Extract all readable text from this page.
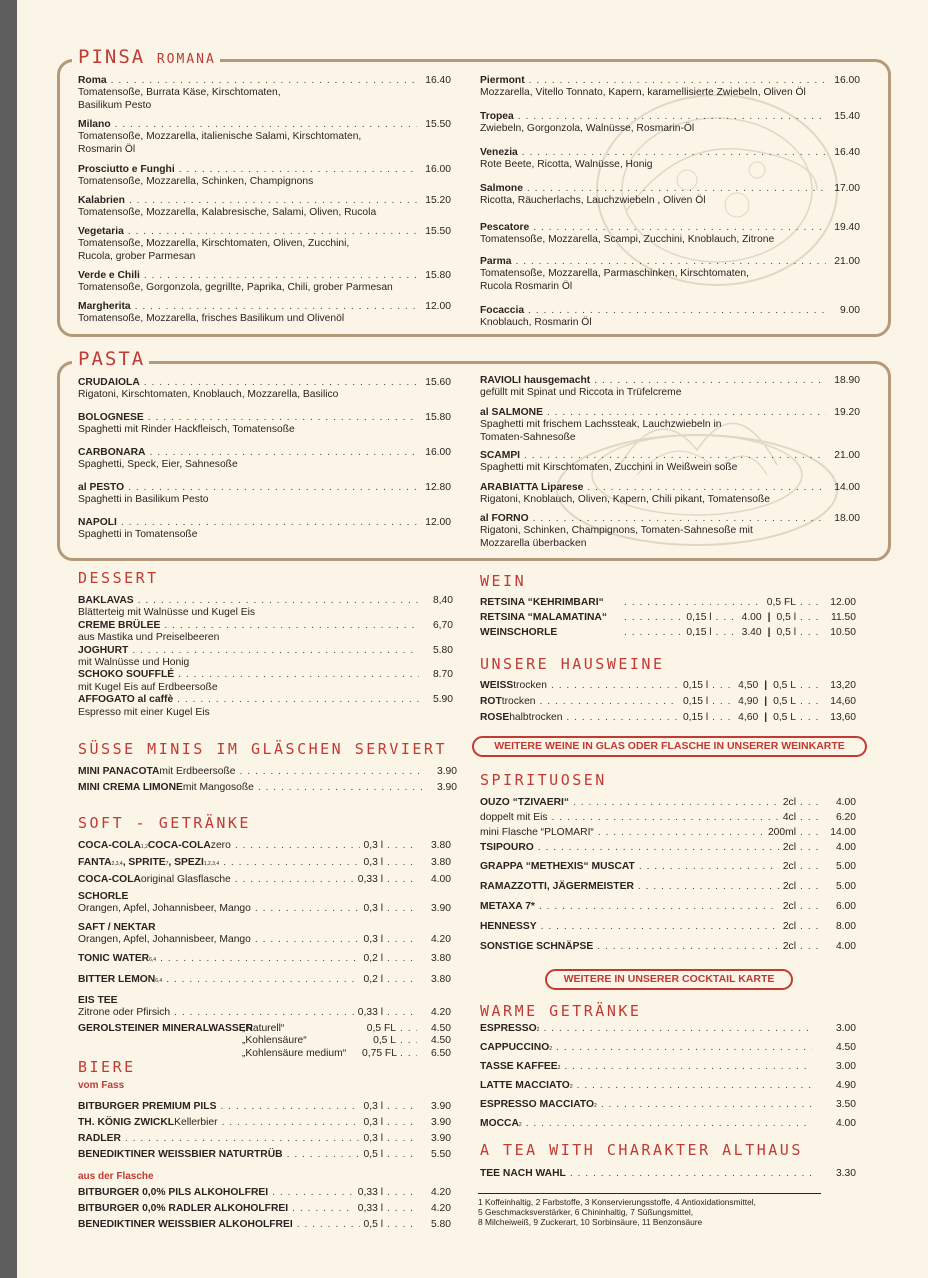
PINSA ROMANA
Roma . . .	16.40
Tomatensoße, Burrata Käse, Kirschtomaten, Basilikum Pesto
Milano . . .	15.50
Tomatensoße, Mozzarella, italienische Salami, Kirschtomaten, Rosmarin Öl
Prosciutto e Funghi . . .	16.00
Tomatensoße, Mozzarella, Schinken, Champignons
Kalabrien . . .	15.20
Tomatensoße, Mozzarella, Kalabresische, Salami, Oliven, Rucola
Vegetaria . . .	15.50
Tomatensoße, Mozzarella, Kirschtomaten, Oliven, Zucchini, Rucola, grober Parmesan
Verde e Chili . . .	15.80
Tomatensoße, Gorgonzola, gegrillte, Paprika, Chili, grober Parmesan
Margherita . . .	12.00
Tomatensoße, Mozzarella, frisches Basilikum und Olivenöl
Piermont . . .	16.00
Mozzarella, Vitello Tonnato, Kapern, karamellisierte Zwiebeln, Oliven Öl
Tropea . . .	15.40
Zwiebeln, Gorgonzola, Walnüsse, Rosmarin-Öl
Venezia . . .	16.40
Rote Beete, Ricotta, Walnüsse, Honig
Salmone . . .	17.00
Ricotta, Räucherlachs, Lauchzwiebeln , Oliven Öl
Pescatore . . .	19.40
Tomatensoße, Mozzarella, Scampi, Zucchini, Knoblauch, Zitrone
Parma . . .	21.00
Tomatensoße, Mozzarella, Parmaschinken, Kirschtomaten, Rucola Rosmarin Öl
Focaccia . . .	9.00
Knoblauch, Rosmarin Öl
PASTA
CRUDAIOLA . . .	15.60
Rigatoni, Kirschtomaten, Knoblauch, Mozzarella, Basilico
BOLOGNESE . . .	15.80
Spaghetti mit Rinder Hackfleisch, Tomatensoße
CARBONARA . . .	16.00
Spaghetti, Speck, Eier, Sahnesoße
al PESTO . . .	12.80
Spaghetti in Basilikum Pesto
NAPOLI . . .	12.00
Spaghetti in Tomatensoße
RAVIOLI hausgemacht . . .	18.90
gefüllt mit Spinat und Riccota in Trüfelcreme
al SALMONE . . .	19.20
Spaghetti mit frischem Lachssteak, Lauchzwiebeln in Tomaten-Sahnesoße
SCAMPI . . .	21.00
Spaghetti mit Kirschtomaten, Zucchini in Weißwein soße
ARABIATTA Liparese . . .	14.00
Rigatoni, Knoblauch, Oliven, Kapern, Chili pikant, Tomatensoße
al FORNO . . .	18.00
Rigatoni, Schinken, Champignons, Tomaten-Sahnesoße mit Mozzarella überbacken
DESSERT
BAKLAVAS . . .	8,40
Blätterteig mit Walnüsse und Kugel Eis
CREME BRÜLEE . . .	6,70
aus Mastika und Preiselbeeren
JOGHURT . . .	5.80
mit Walnüsse und Honig
SCHOKO SOUFFLÉ . . .	8.70
mit Kugel Eis auf Erdbeersoße
AFFOGATO al caffè . . .	5.90
Espresso mit einer Kugel Eis
SÜSSE MINIS IM GLÄSCHEN SERVIERT
MINI PANACOTA mit Erdbeersoße . . .	3.90
MINI CREMA LIMONE mit Mangosoße . . .	3.90
SOFT - GETRÄNKE
COCA-COLA 1,2 COCA-COLA zero . . .	0,3 l . . .	3.80
FANTA 2,3,4 , SPRITE 7 , SPEZI 1,2,3,4 . . .	0,3 l . . .	3.80
COCA-COLA original Glasflasche . . .	0,33 l . . .	4.00
SCHORLE
Orangen, Apfel, Johannisbeer, Mango . . .	0,3 l . . .	3.90
SAFT / NEKTAR
Orangen, Apfel, Johannisbeer, Mango . . .	0,3 l . . .	4.20
TONIC WATER 6,4 . . .	0,2 l . . .	3.80
BITTER LEMON 6,4 . . .	0,2 l . . .	3.80
EIS TEE
Zitrone oder Pfirsich . . .	0,33 l . . .	4.20
GEROLSTEINER MINERALWASSER
„Naturell“	0,5 FL . . .	4.50
„Kohlensäure“	0,5 L . . .	4.50
„Kohlensäure medium“	0,75 FL . . .	6.50
BIERE
vom Fass
BITBURGER PREMIUM PILS . . .	0,3 l . . .	3.90
TH. KÖNIG ZWICKL Kellerbier . . .	0,3 l . . .	3.90
RADLER . . .	0,3 l . . .	3.90
BENEDIKTINER WEISSBIER NATURTRÜB . . .	0,5 l . . .	5.50
aus der Flasche
BITBURGER 0,0% PILS ALKOHOLFREI . . .	0,33 l . . .	4.20
BITBURGER 0,0% RADLER ALKOHOLFREI . . .	0,33 l . . .	4.20
BENEDIKTINER WEISSBIER ALKOHOLFREI . . .	0,5 l . . .	5.80
WEIN
RETSINA “KEHRIMBARI“ . . .	0,5 FL . . .	12.00
RETSINA “MALAMATINA“ . . .	0,15 l . . .	4.00 | 0,5 l . . .	11.50
WEINSCHORLE . . .	0,15 l . . .	3.40 | 0,5 l . . .	10.50
UNSERE HAUSWEINE
WEISS trocken . . .	0,15 l . . .	4,50 | 0,5 L . . .	13,20
ROT trocken . . .	0,15 l . . .	4,90 | 0,5 L . . .	14,60
ROSE halbtrocken . . .	0,15 l . . .	4,60 | 0,5 L . . .	13,60
WEITERE WEINE IN GLAS ODER FLASCHE IN UNSERER WEINKARTE
SPIRITUOSEN
OUZO “TZIVAERI“ . . .	2cl . . .	4.00
doppelt mit Eis . . .	4cl . . .	6.20
mini Flasche “PLOMARI“ . . .	200ml . . .	14.00
TSIPOURO . . .	2cl . . .	4.00
GRAPPA “METHEXIS“ MUSCAT . . .	2cl . . .	5.00
RAMAZZOTTI, JÄGERMEISTER . . .	2cl . . .	5.00
METAXA 7* . . .	2cl . . .	6.00
HENNESSY . . .	2cl . . .	8.00
SONSTIGE SCHNÄPSE . . .	2cl . . .	4.00
WEITERE IN UNSERER COCKTAIL KARTE
WARME GETRÄNKE
ESPRESSO 2 . . .	3.00
CAPPUCCINO 2 . . .	4.50
TASSE KAFFEE 2 . . .	3.00
LATTE MACCIATO 2 . . .	4.90
ESPRESSO MACCIATO 2 . . .	3.50
MOCCA 2 . . .	4.00
A TEA WITH CHARAKTER ALTHAUS
TEE NACH WAHL . . .	3.30
1 Koffeinhaltig, 2 Farbstoffe, 3 Konservierungsstoffe, 4 Antioxidationsmittel,
5 Geschmacksverstärker, 6 Chininhaltig, 7 Süßungsmittel,
8 Milcheiweiß, 9 Zuckerart, 10 Sorbinsäure, 11 Benzonsäure
